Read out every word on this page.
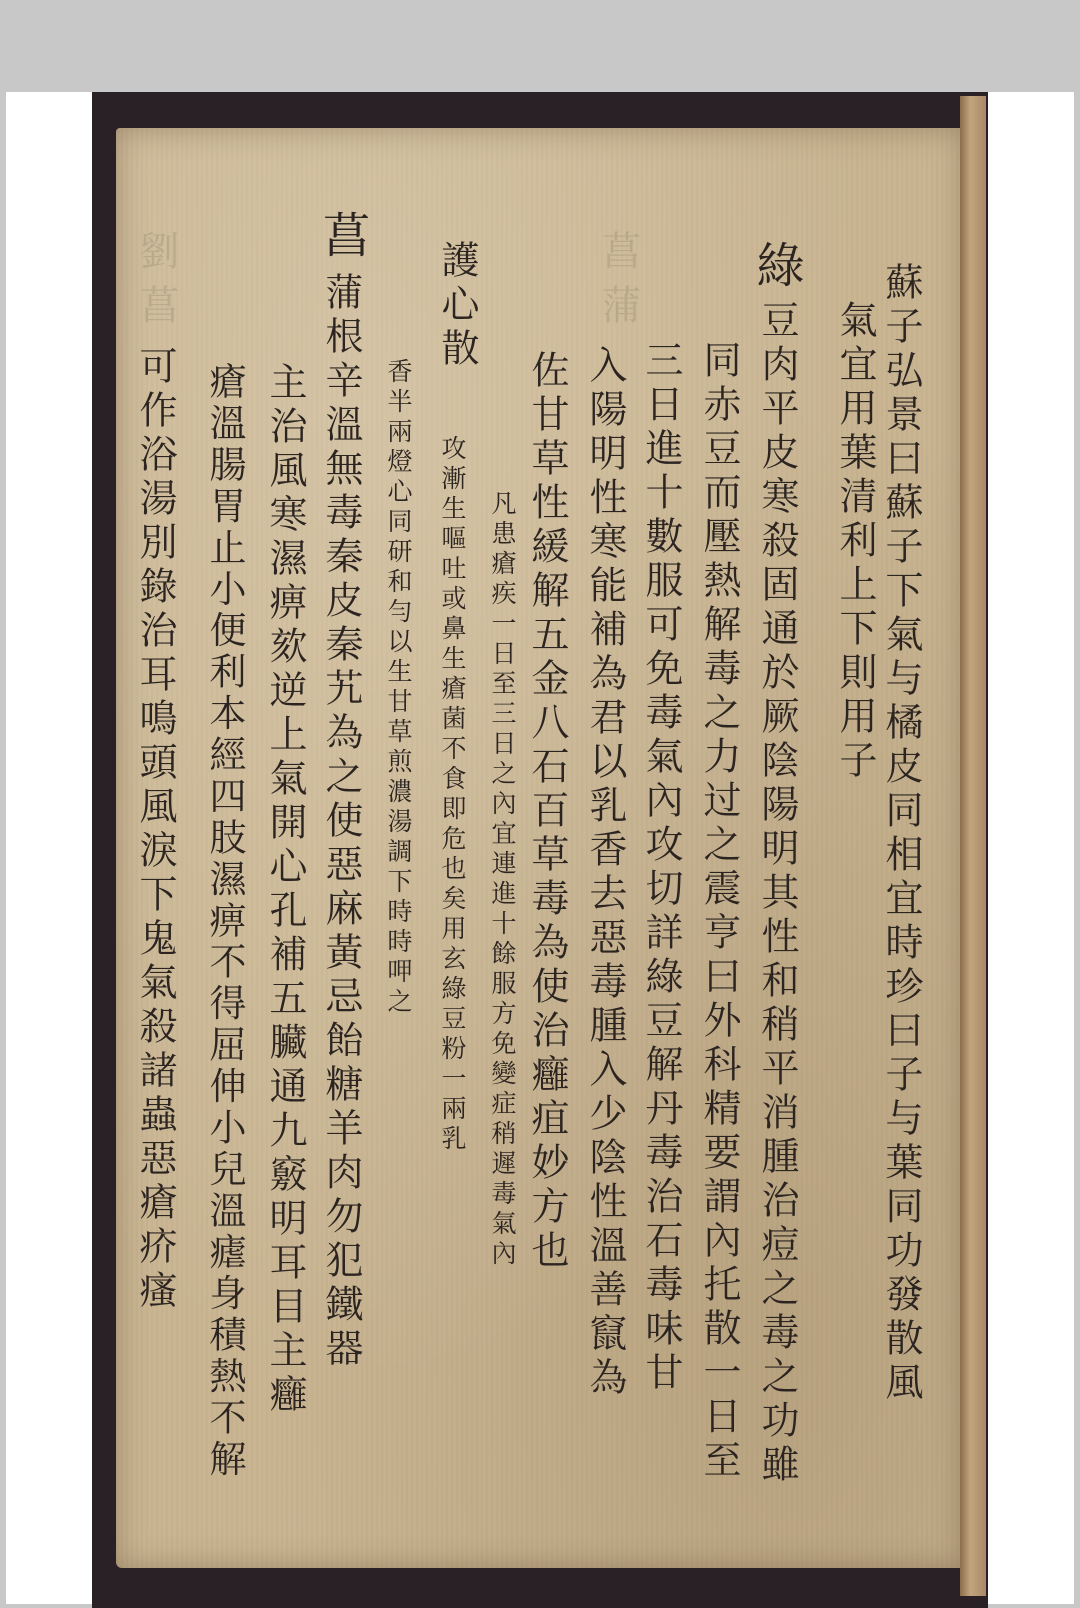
劉菖	菖蒲	蘇子弘景曰蘇子下氣与橘皮同相宜時珍曰子与葉同功發散風
氣宜用葉清利上下則用子
綠
豆肉平皮寒殺固通於厥陰陽明其性和稍平消腫治痘之毒之功雖
同赤豆而壓熱解毒之力过之震亨曰外科精要謂內托散一日至
三日進十數服可免毒氣內攻切詳綠豆解丹毒治石毒味甘
入陽明性寒能補為君以乳香去惡毒腫入少陰性溫善竄為
佐甘草性緩解五金八石百草毒為使治癰疽妙方也
護心散
凡患瘡疾一日至三日之內宜連進十餘服方免變症稍遲毒氣內
攻漸生嘔吐或鼻生瘡菌不食即危也矣用玄綠豆粉一兩乳
香半兩燈心同研和勻以生甘草煎濃湯調下時時呷之
菖
蒲根辛溫無毒秦皮秦艽為之使惡麻黃忌飴糖羊肉勿犯鐵器
主治風寒濕痹欬逆上氣開心孔補五臟通九竅明耳目主癰
瘡溫腸胃止小便利本經四肢濕痹不得屈伸小兒溫瘧身積熱不解
可作浴湯別錄治耳鳴頭風淚下鬼氣殺諸蟲惡瘡疥瘙
